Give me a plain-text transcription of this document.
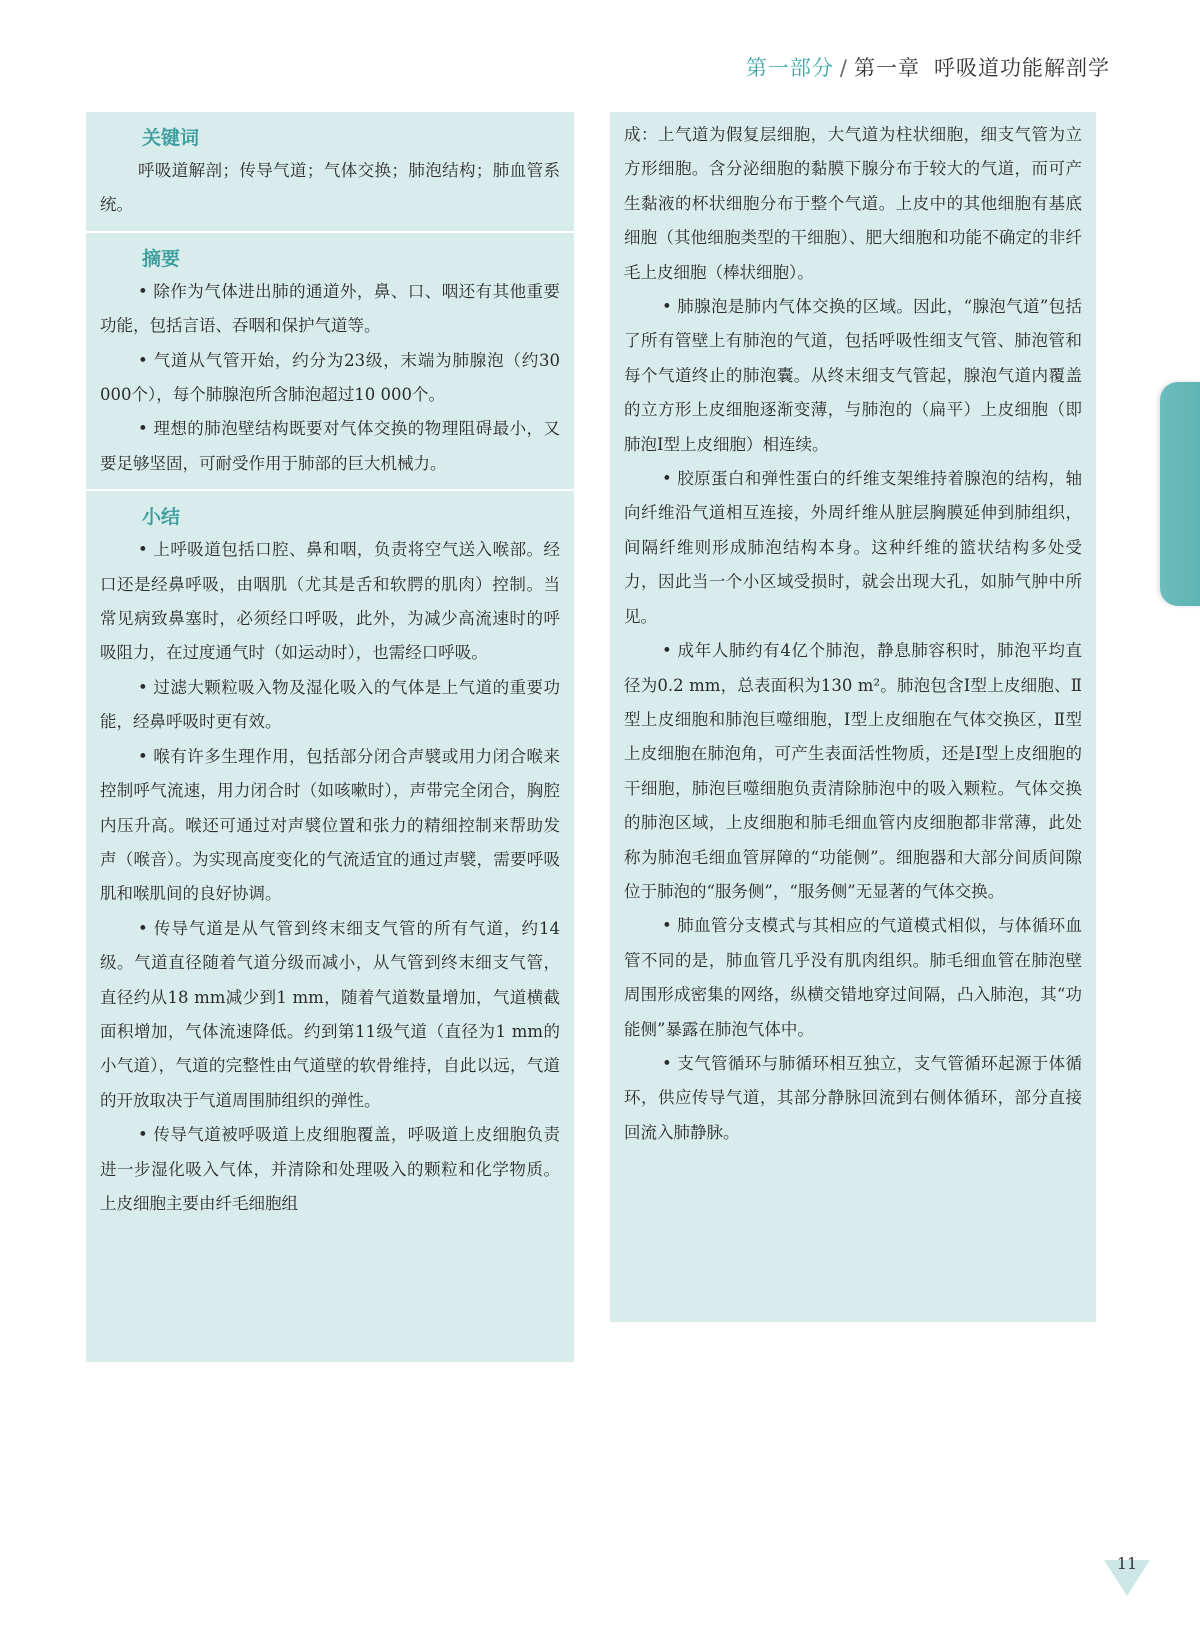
第一部分 / 第一章 呼吸道功能解剖学
关键词

呼吸道解剖；传导气道；气体交换；肺泡结构；肺血管系统。

摘要

• 除作为气体进出肺的通道外，鼻、口、咽还有其他重要功能，包括言语、吞咽和保护气道等。

• 气道从气管开始，约分为23级，末端为肺腺泡（约30 000个），每个肺腺泡所含肺泡超过10 000个。

• 理想的肺泡壁结构既要对气体交换的物理阻碍最小，又要足够坚固，可耐受作用于肺部的巨大机械力。

小结

• 上呼吸道包括口腔、鼻和咽，负责将空气送入喉部。经口还是经鼻呼吸，由咽肌（尤其是舌和软腭的肌肉）控制。当常见病致鼻塞时，必须经口呼吸，此外，为减少高流速时的呼吸阻力，在过度通气时（如运动时），也需经口呼吸。

• 过滤大颗粒吸入物及湿化吸入的气体是上气道的重要功能，经鼻呼吸时更有效。

• 喉有许多生理作用，包括部分闭合声襞或用力闭合喉来控制呼气流速，用力闭合时（如咳嗽时），声带完全闭合，胸腔内压升高。喉还可通过对声襞位置和张力的精细控制来帮助发声（喉音）。为实现高度变化的气流适宜的通过声襞，需要呼吸肌和喉肌间的良好协调。

• 传导气道是从气管到终末细支气管的所有气道，约14级。气道直径随着气道分级而减小，从气管到终末细支气管，直径约从18 mm减少到1 mm，随着气道数量增加，气道横截面积增加，气体流速降低。约到第11级气道（直径为1 mm的小气道），气道的完整性由气道壁的软骨维持，自此以远，气道的开放取决于气道周围肺组织的弹性。

• 传导气道被呼吸道上皮细胞覆盖，呼吸道上皮细胞负责进一步湿化吸入气体，并清除和处理吸入的颗粒和化学物质。上皮细胞主要由纤毛细胞组

成：上气道为假复层细胞，大气道为柱状细胞，细支气管为立方形细胞。含分泌细胞的黏膜下腺分布于较大的气道，而可产生黏液的杯状细胞分布于整个气道。上皮中的其他细胞有基底细胞（其他细胞类型的干细胞）、肥大细胞和功能不确定的非纤毛上皮细胞（棒状细胞）。

• 肺腺泡是肺内气体交换的区域。因此，“腺泡气道”包括了所有管壁上有肺泡的气道，包括呼吸性细支气管、肺泡管和每个气道终止的肺泡囊。从终末细支气管起，腺泡气道内覆盖的立方形上皮细胞逐渐变薄，与肺泡的（扁平）上皮细胞（即肺泡Ⅰ型上皮细胞）相连续。

• 胶原蛋白和弹性蛋白的纤维支架维持着腺泡的结构，轴向纤维沿气道相互连接，外周纤维从脏层胸膜延伸到肺组织，间隔纤维则形成肺泡结构本身。这种纤维的篮状结构多处受力，因此当一个小区域受损时，就会出现大孔，如肺气肿中所见。

• 成年人肺约有4亿个肺泡，静息肺容积时，肺泡平均直径为0.2 mm，总表面积为130 m²。肺泡包含Ⅰ型上皮细胞、Ⅱ型上皮细胞和肺泡巨噬细胞，Ⅰ型上皮细胞在气体交换区，Ⅱ型上皮细胞在肺泡角，可产生表面活性物质，还是Ⅰ型上皮细胞的干细胞，肺泡巨噬细胞负责清除肺泡中的吸入颗粒。气体交换的肺泡区域，上皮细胞和肺毛细血管内皮细胞都非常薄，此处称为肺泡毛细血管屏障的“功能侧”。细胞器和大部分间质间隙位于肺泡的“服务侧”，“服务侧”无显著的气体交换。

• 肺血管分支模式与其相应的气道模式相似，与体循环血管不同的是，肺血管几乎没有肌肉组织。肺毛细血管在肺泡壁周围形成密集的网络，纵横交错地穿过间隔，凸入肺泡，其“功能侧”暴露在肺泡气体中。

• 支气管循环与肺循环相互独立，支气管循环起源于体循环，供应传导气道，其部分静脉回流到右侧体循环，部分直接回流入肺静脉。

11
